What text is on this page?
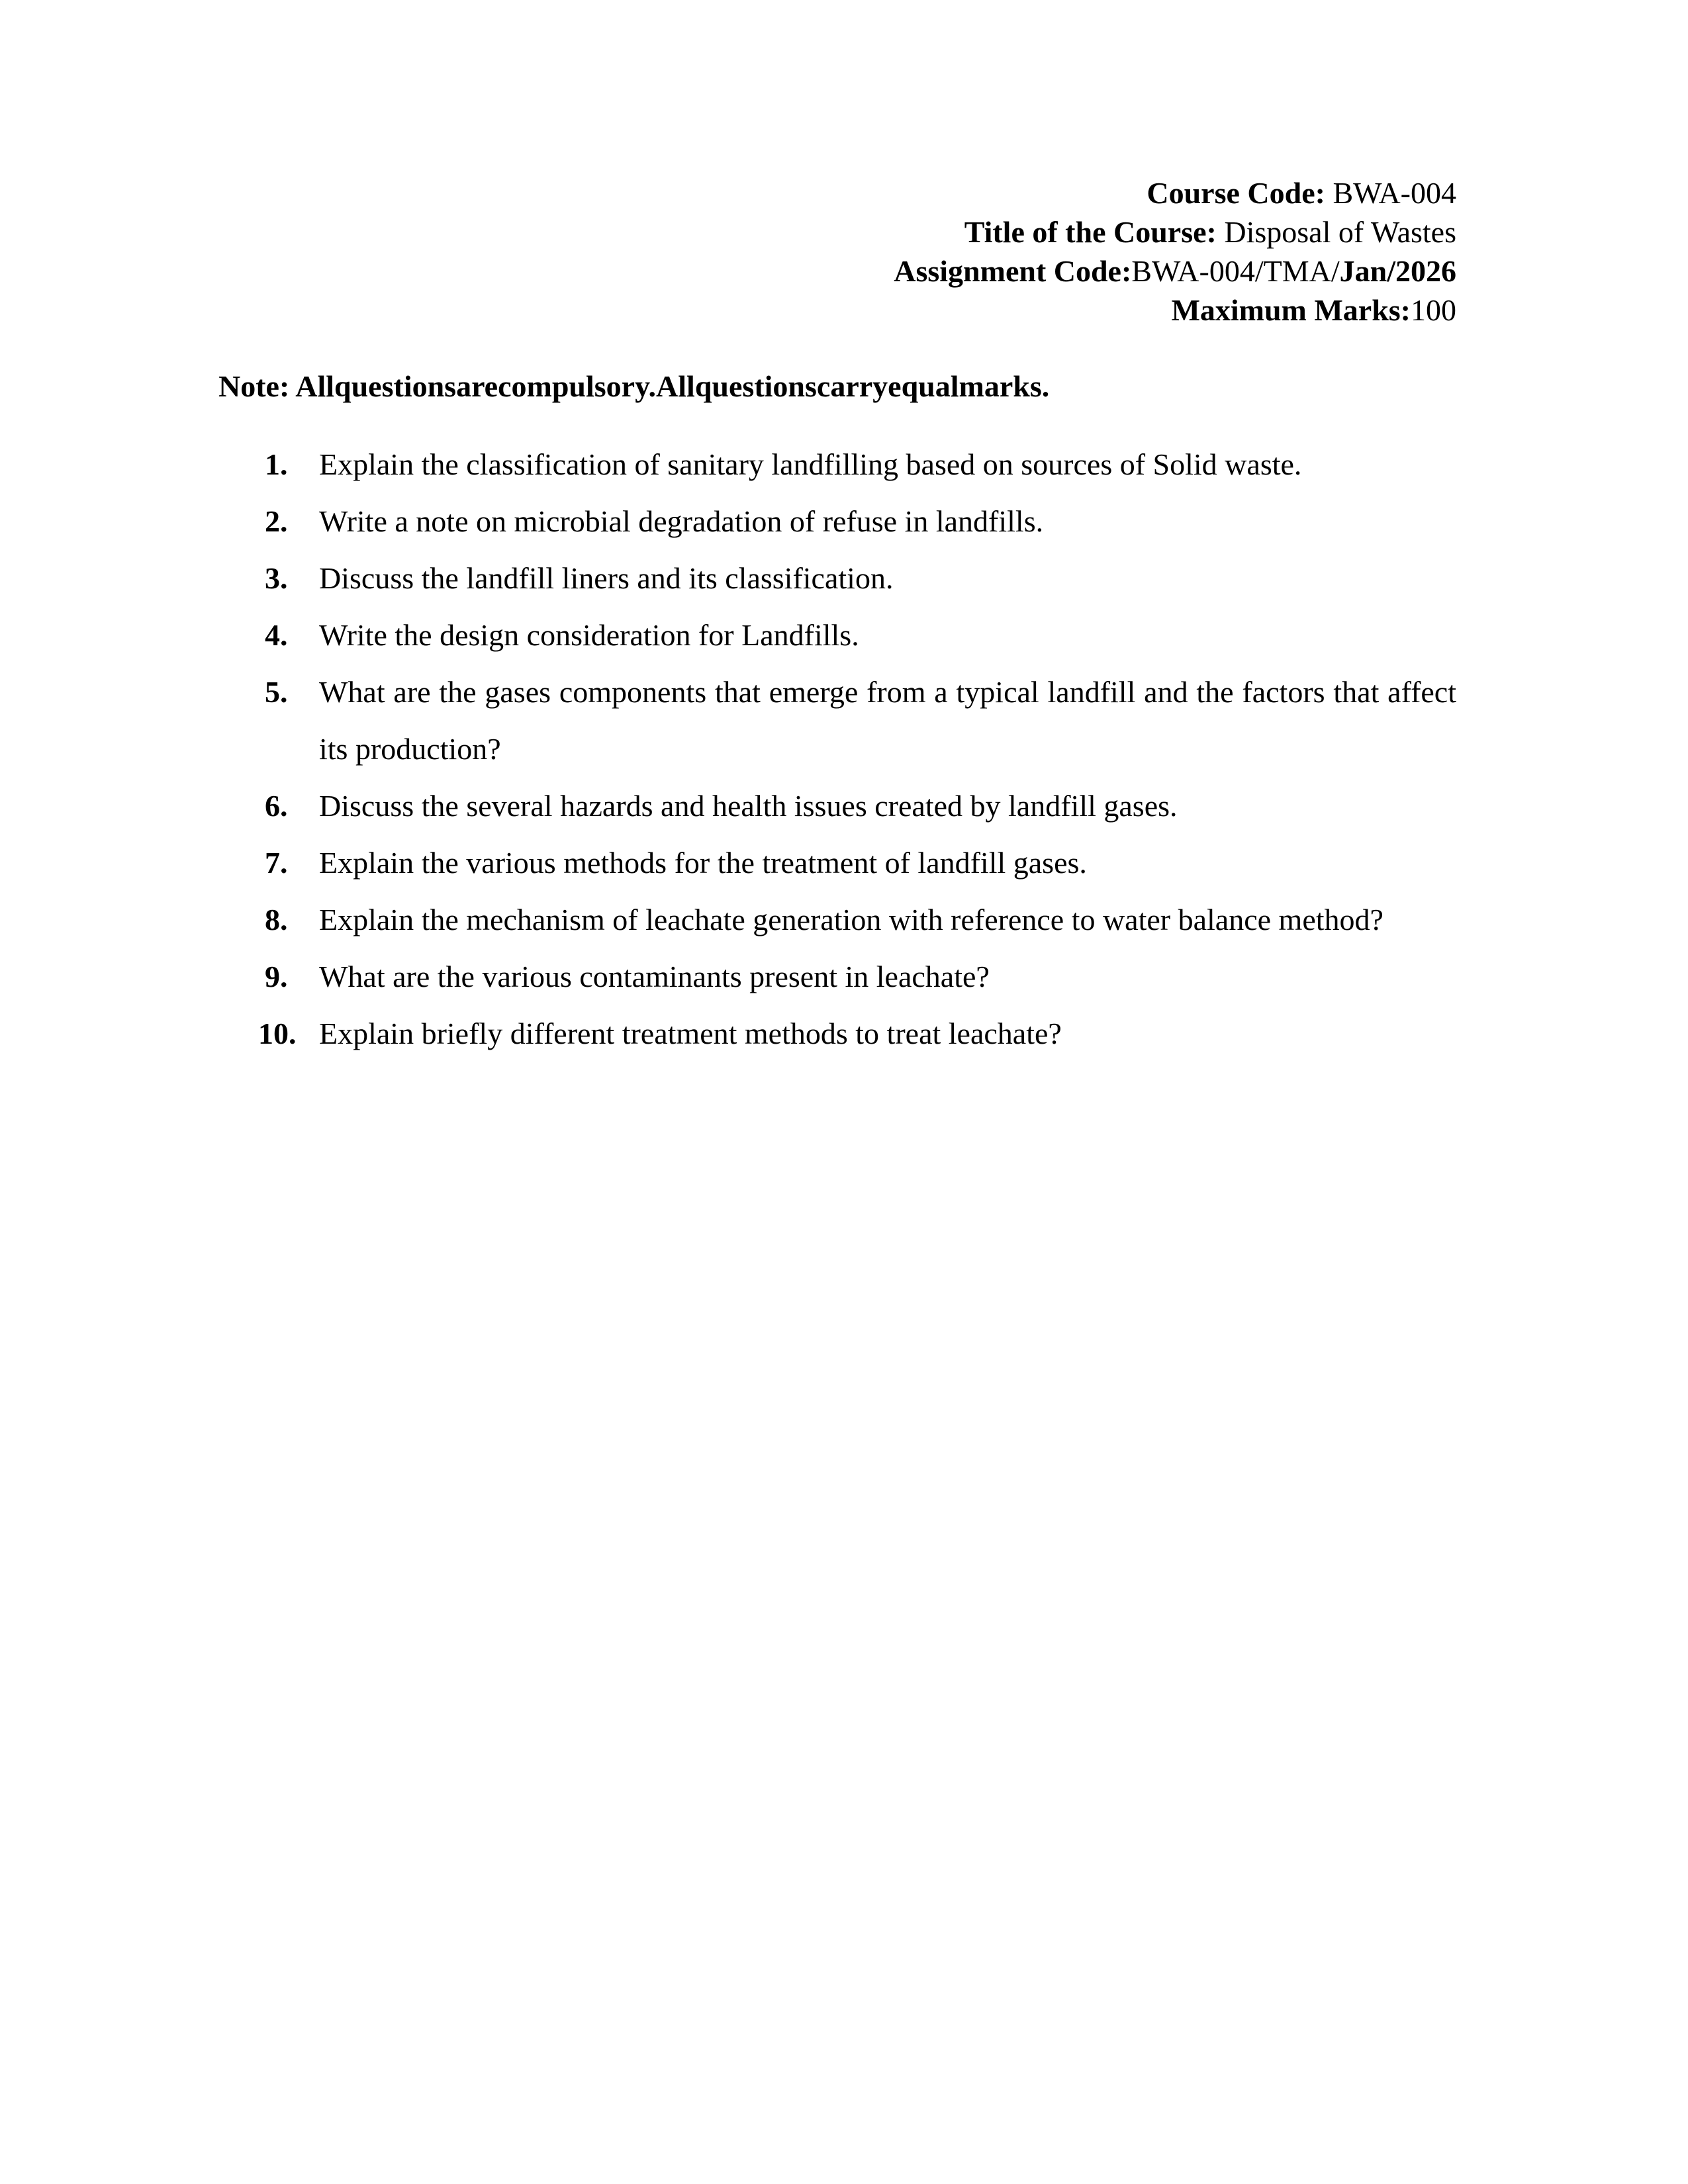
Course Code: BWA-004
Title of the Course: Disposal of Wastes
Assignment Code:BWA-004/TMA/Jan/2026
Maximum Marks:100
Note: Allquestionsarecompulsory.Allquestionscarryequalmarks.
1.	Explain the classification of sanitary landfilling based on sources of Solid waste.
2.	Write a note on microbial degradation of refuse in landfills.
3.	Discuss the landfill liners and its classification.
4.	Write the design consideration for Landfills.
5.	What are the gases components that emerge from a typical landfill and the factors that affect its production?
6.	Discuss the several hazards and health issues created by landfill gases.
7.	Explain the various methods for the treatment of landfill gases.
8.	Explain the mechanism of leachate generation with reference to water balance method?
9.	What are the various contaminants present in leachate?
10. Explain briefly different treatment methods to treat leachate?
